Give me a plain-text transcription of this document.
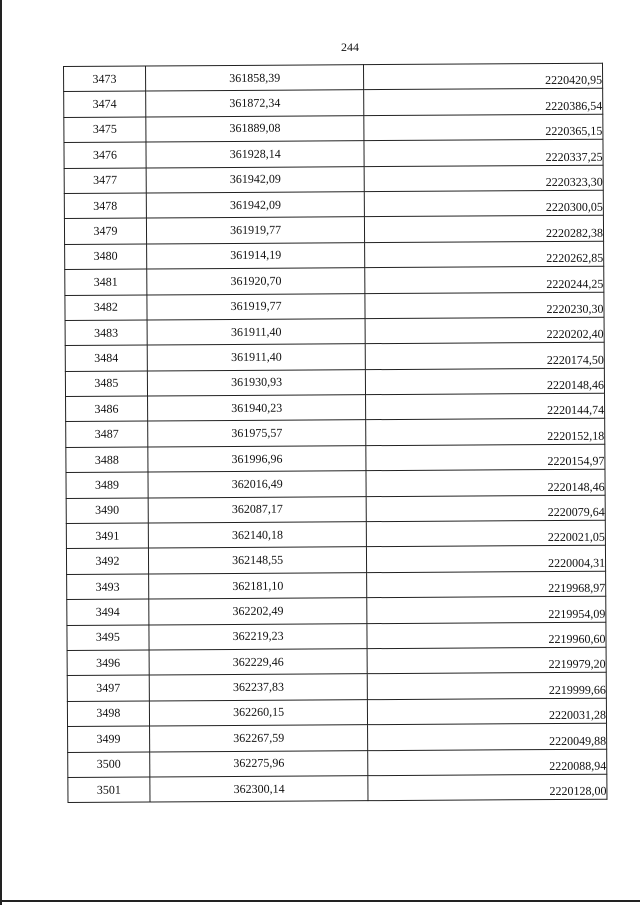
244
3473	361858,39	2220420,95
3474	361872,34	2220386,54
3475	361889,08	2220365,15
3476	361928,14	2220337,25
3477	361942,09	2220323,30
3478	361942,09	2220300,05
3479	361919,77	2220282,38
3480	361914,19	2220262,85
3481	361920,70	2220244,25
3482	361919,77	2220230,30
3483	361911,40	2220202,40
3484	361911,40	2220174,50
3485	361930,93	2220148,46
3486	361940,23	2220144,74
3487	361975,57	2220152,18
3488	361996,96	2220154,97
3489	362016,49	2220148,46
3490	362087,17	2220079,64
3491	362140,18	2220021,05
3492	362148,55	2220004,31
3493	362181,10	2219968,97
3494	362202,49	2219954,09
3495	362219,23	2219960,60
3496	362229,46	2219979,20
3497	362237,83	2219999,66
3498	362260,15	2220031,28
3499	362267,59	2220049,88
3500	362275,96	2220088,94
3501	362300,14	2220128,00
